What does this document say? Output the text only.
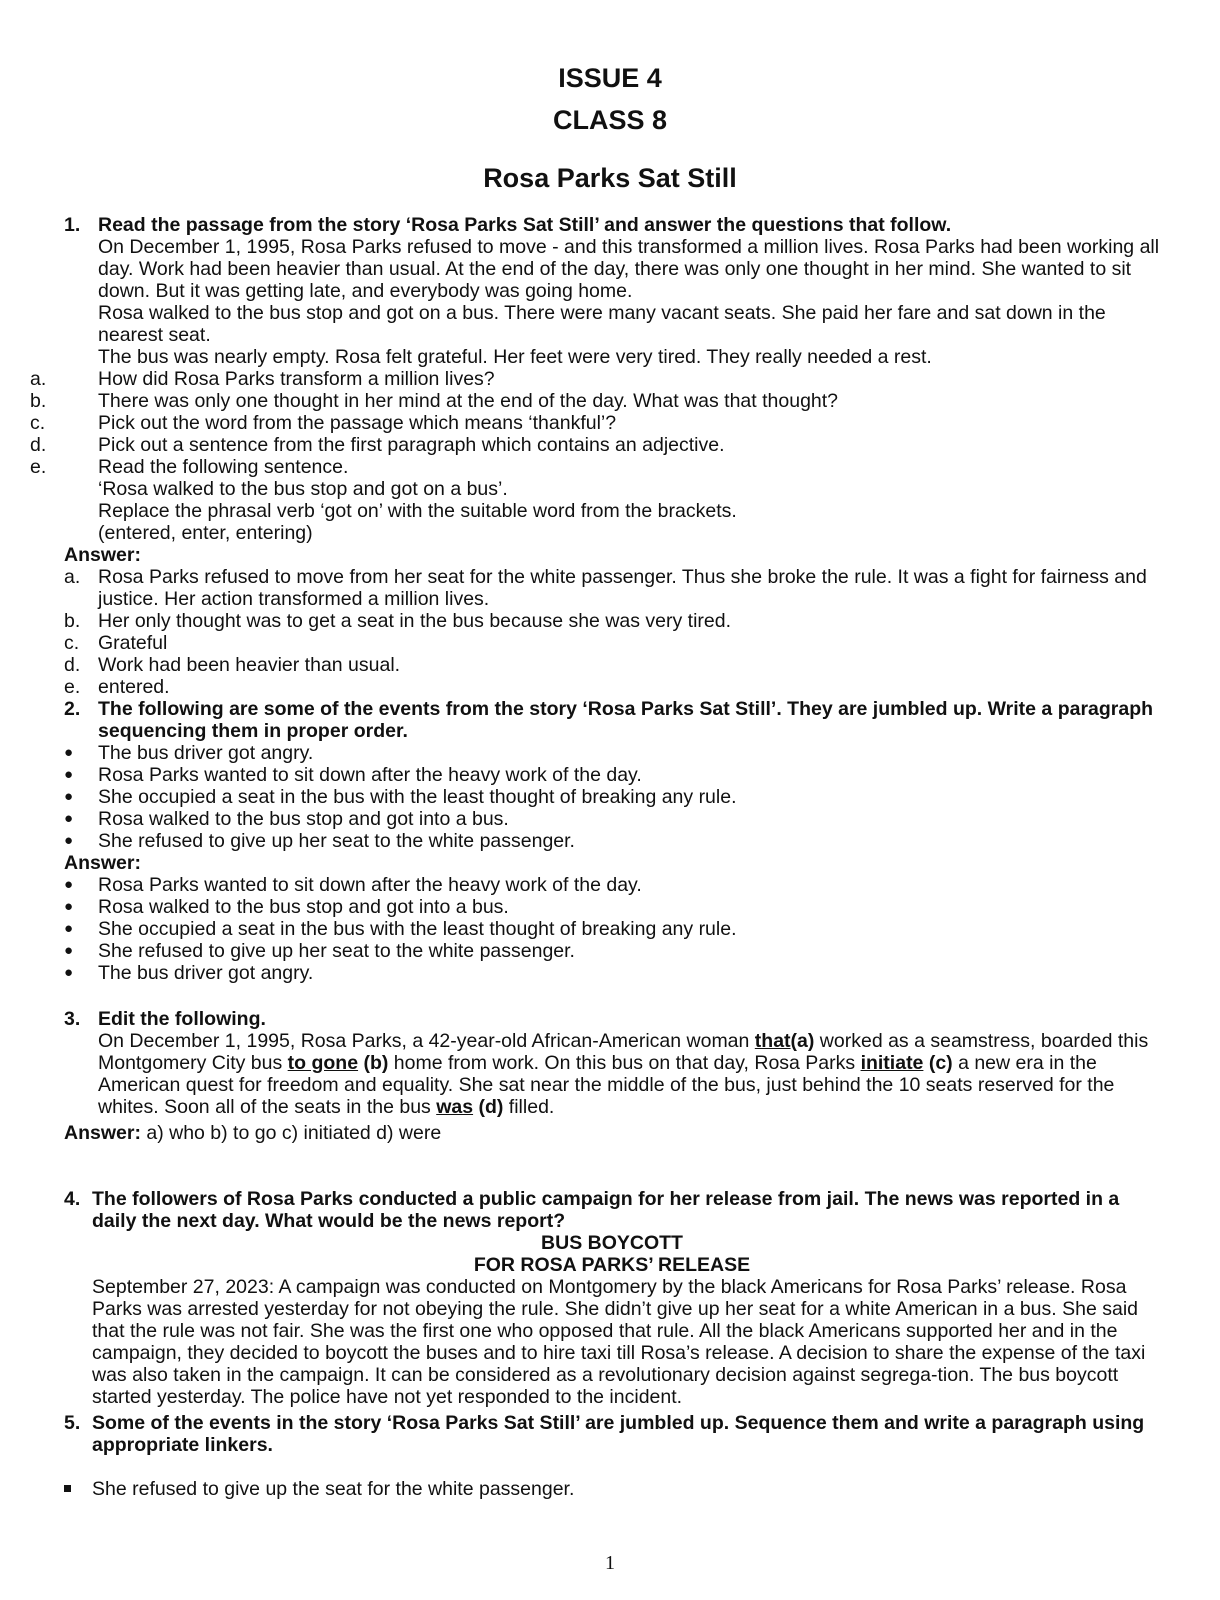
ISSUE 4
CLASS 8
Rosa Parks Sat Still
1. Read the passage from the story ‘Rosa Parks Sat Still’ and answer the questions that follow.
On December 1, 1995, Rosa Parks refused to move - and this transformed a million lives. Rosa Parks had been working all day. Work had been heavier than usual. At the end of the day, there was only one thought in her mind. She wanted to sit down. But it was getting late, and everybody was going home.
Rosa walked to the bus stop and got on a bus. There were many vacant seats. She paid her fare and sat down in the nearest seat.
The bus was nearly empty. Rosa felt grateful. Her feet were very tired. They really needed a rest.
a.	How did Rosa Parks transform a million lives?
b.	There was only one thought in her mind at the end of the day. What was that thought?
c.	Pick out the word from the passage which means ‘thankful’?
d.	Pick out a sentence from the first paragraph which contains an adjective.
e.	Read the following sentence.
‘Rosa walked to the bus stop and got on a bus’.
Replace the phrasal verb ‘got on’ with the suitable word from the brackets.
(entered, enter, entering)
Answer:
a. Rosa Parks refused to move from her seat for the white passenger. Thus she broke the rule. It was a fight for fairness and justice. Her action transformed a million lives.
b. Her only thought was to get a seat in the bus because she was very tired.
c. Grateful
d. Work had been heavier than usual.
e. entered.
2. The following are some of the events from the story ‘Rosa Parks Sat Still’. They are jumbled up. Write a paragraph sequencing them in proper order.
●	The bus driver got angry.
●	Rosa Parks wanted to sit down after the heavy work of the day.
●	She occupied a seat in the bus with the least thought of breaking any rule.
●	Rosa walked to the bus stop and got into a bus.
●	She refused to give up her seat to the white passenger.
Answer:
●	Rosa Parks wanted to sit down after the heavy work of the day.
●	Rosa walked to the bus stop and got into a bus.
●	She occupied a seat in the bus with the least thought of breaking any rule.
●	She refused to give up her seat to the white passenger.
●	The bus driver got angry.
3. Edit the following.
On December 1, 1995, Rosa Parks, a 42-year-old African-American woman that(a) worked as a seamstress, boarded this Montgomery City bus to gone (b) home from work. On this bus on that day, Rosa Parks initiate (c) a new era in the American quest for freedom and equality. She sat near the middle of the bus, just behind the 10 seats reserved for the whites. Soon all of the seats in the bus was (d) filled.
Answer: a) who b) to go c) initiated d) were
4. The followers of Rosa Parks conducted a public campaign for her release from jail. The news was reported in a daily the next day. What would be the news report?
BUS BOYCOTT
FOR ROSA PARKS’ RELEASE
September 27, 2023: A campaign was conducted on Montgomery by the black Americans for Rosa Parks’ release. Rosa Parks was arrested yesterday for not obeying the rule. She didn’t give up her seat for a white American in a bus. She said that the rule was not fair. She was the first one who opposed that rule. All the black Americans supported her and in the campaign, they decided to boycott the buses and to hire taxi till Rosa’s release. A decision to share the expense of the taxi was also taken in the campaign. It can be considered as a revolutionary decision against segrega-tion. The bus boycott started yesterday. The police have not yet responded to the incident.
5. Some of the events in the story ‘Rosa Parks Sat Still’ are jumbled up. Sequence them and write a paragraph using appropriate linkers.
She refused to give up the seat for the white passenger.
1
